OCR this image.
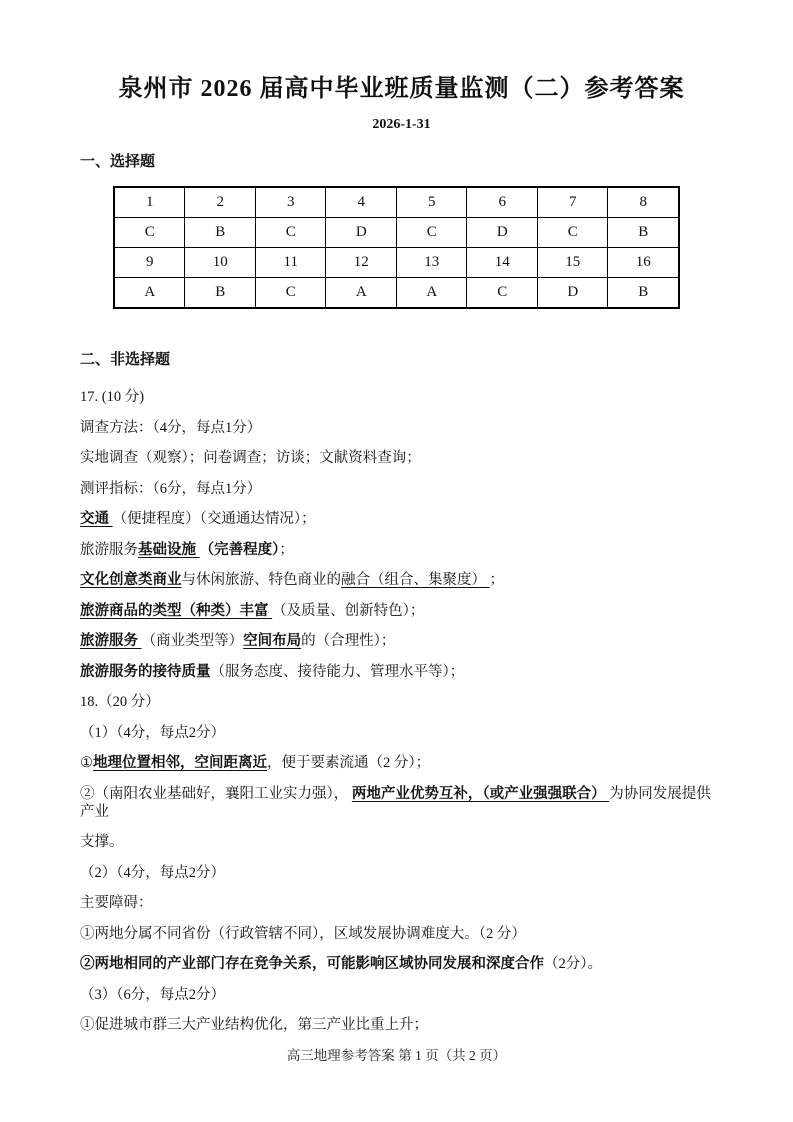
泉州市 2026 届高中毕业班质量监测（二）参考答案
2026-1-31
一、选择题
1	2	3	4	5	6	7	8
C	B	C	D	C	D	C	B
9	10	11	12	13	14	15	16
A	B	C	A	A	C	D	B
二、非选择题

17. (10 分)

调查方法：（4分，每点1分）

实地调查（观察）；问卷调查；访谈；文献资料查询；

测评指标：（6分，每点1分）

交通 （便捷程度）（交通通达情况）；

旅游服务基础设施 （完善程度）；

文化创意类商业与休闲旅游、特色商业的融合（组合、集聚度） ；

旅游商品的类型（种类）丰富 （及质量、创新特色）；

旅游服务 （商业类型等）空间布局的（合理性）；

旅游服务的接待质量（服务态度、接待能力、管理水平等）；

18.（20 分）

（1）（4分，每点2分）

①地理位置相邻，空间距离近，便于要素流通（2 分）；

②（南阳农业基础好，襄阳工业实力强）， 两地产业优势互补，（或产业强强联合） 为协同发展提供产业

支撑。

（2）（4分，每点2分）

主要障碍：

①两地分属不同省份（行政管辖不同），区域发展协调难度大。（2 分）

②两地相同的产业部门存在竞争关系，可能影响区域协同发展和深度合作（2分）。

（3）（6分，每点2分）

①促进城市群三大产业结构优化，第三产业比重上升；

高三地理参考答案 第 1 页（共 2 页）
